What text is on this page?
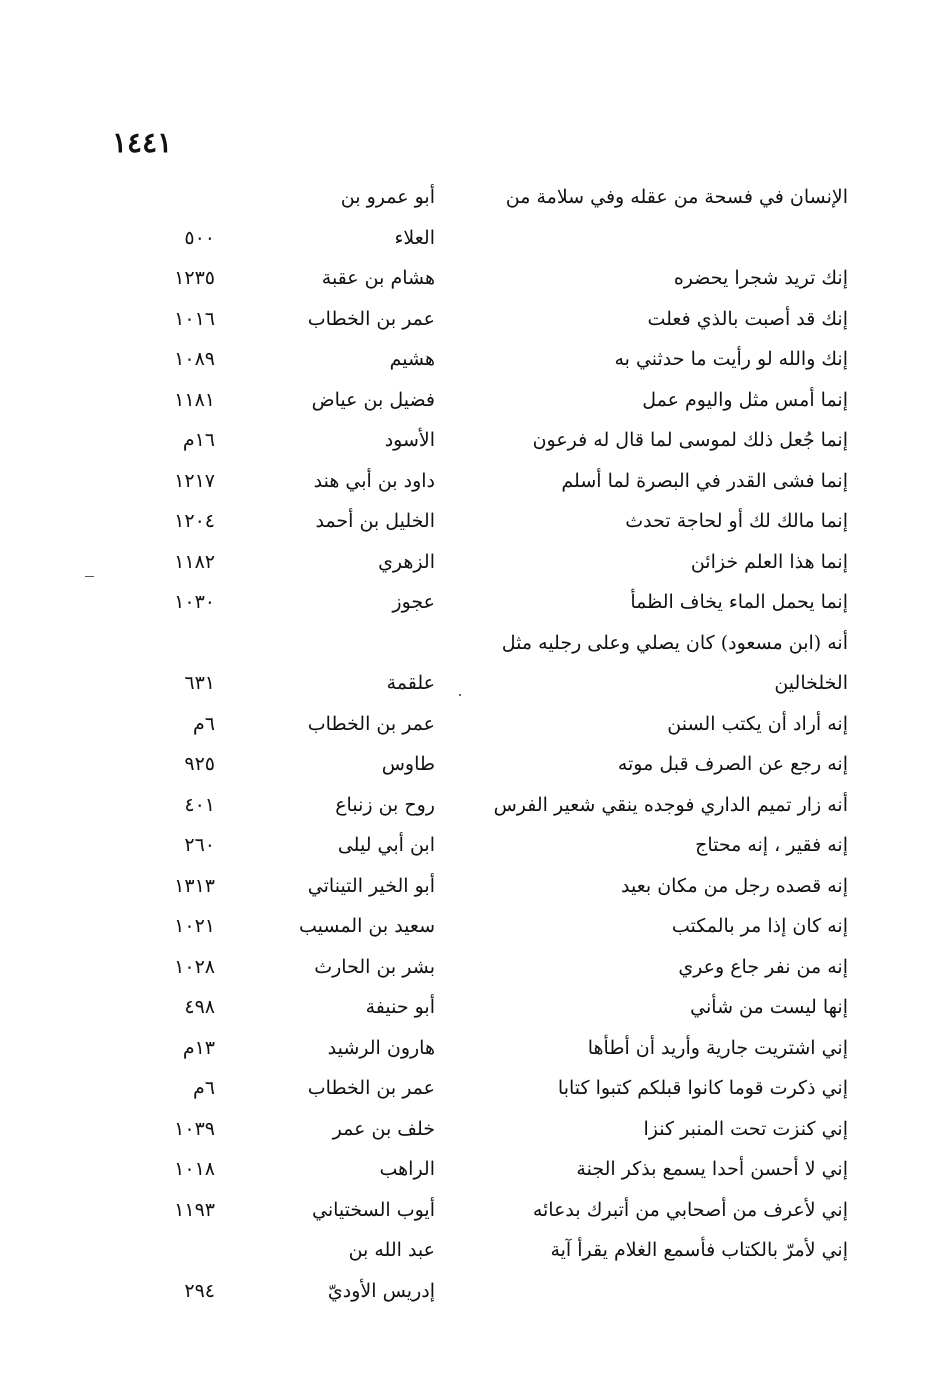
١٤٤١
الإنسان في فسحة من عقله وفي سلامة من
أبو عمرو بن
العلاء
٥٠٠
إنك تريد شجرا يحضره
هشام بن عقبة
١٢٣٥
إنك قد أصبت بالذي فعلت
عمر بن الخطاب
١٠١٦
إنك والله لو رأيت ما حدثني به
هشيم
١٠٨٩
إنما أمس مثل واليوم عمل
فضيل بن عياض
١١٨١
إنما جُعل ذلك لموسى لما قال له فرعون
الأسود
١٦م
إنما فشى القدر في البصرة لما أسلم
داود بن أبي هند
١٢١٧
إنما مالك لك أو لحاجة تحدث
الخليل بن أحمد
١٢٠٤
إنما هذا العلم خزائن
الزهري
١١٨٢
إنما يحمل الماء يخاف الظمأ
عجوز
١٠٣٠
أنه (ابن مسعود) كان يصلي وعلى رجليه مثل
الخلخالين
علقمة
٦٣١
إنه أراد أن يكتب السنن
عمر بن الخطاب
٦م
إنه رجع عن الصرف قبل موته
طاوس
٩٢٥
أنه زار تميم الداري فوجده ينقي شعير الفرس
روح بن زنباع
٤٠١
إنه فقير ، إنه محتاج
ابن أبي ليلى
٢٦٠
إنه قصده رجل من مكان بعيد
أبو الخير التيناتي
١٣١٣
إنه كان إذا مر بالمكتب
سعيد بن المسيب
١٠٢١
إنه من نفر جاع وعري
بشر بن الحارث
١٠٢٨
إنها ليست من شأني
أبو حنيفة
٤٩٨
إني اشتريت جارية وأريد أن أطأها
هارون الرشيد
١٣م
إني ذكرت قوما كانوا قبلكم كتبوا كتابا
عمر بن الخطاب
٦م
إني كنزت تحت المنبر كنزا
خلف بن عمر
١٠٣٩
إني لا أحسن أحدا يسمع بذكر الجنة
الراهب
١٠١٨
إني لأعرف من أصحابي من أتبرك بدعائه
أيوب السختياني
١١٩٣
إني لأمرّ بالكتاب فأسمع الغلام يقرأ آية
عبد الله بن
إدريس الأوديّ
٢٩٤
